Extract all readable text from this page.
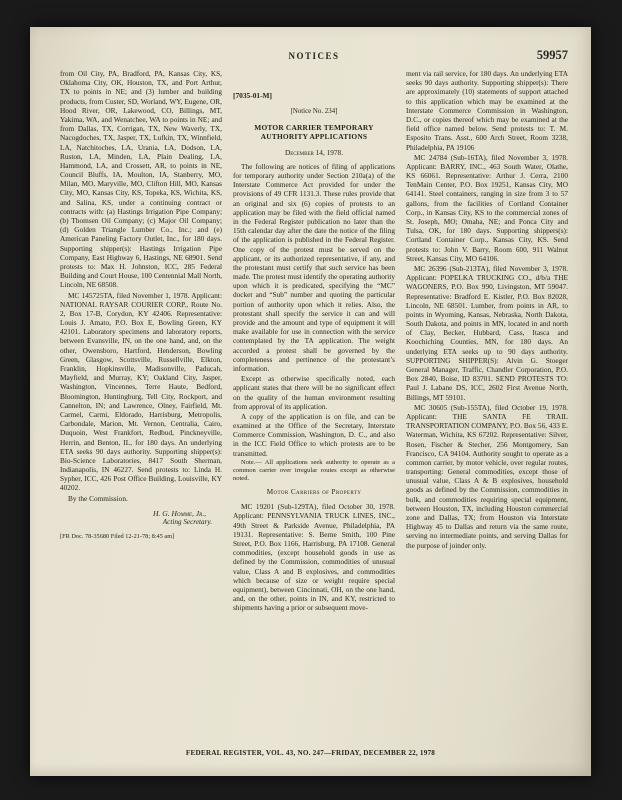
NOTICES	59957

from Oil City, PA, Bradford, PA, Kansas City, KS, Oklahoma City, OK, Houston, TX, and Port Arthur, TX to points in NE; and (3) lumber and building products, from Custer, SD, Worland, WY, Eugene, OR, Hood River, OR, Lakewood, CO, Billings, MT, Yakima, WA, and Wenatchee, WA to points in NE; and from Dallas, TX, Corrigan, TX, New Waverly, TX, Nacogdoches, TX, Jasper, TX, Lufkin, TX, Winnfield, LA, Natchitoches, LA, Urania, LA, Dodson, LA, Ruston, LA, Minden, LA, Plain Dealing, LA, Hammond, LA, and Crossett, AR, to points in NE, Council Bluffs, IA, Moulton, IA, Stanberry, MO, Milan, MO, Maryville, MO, Clifton Hill, MO, Kansas City, MO, Kansas City, KS, Topeka, KS, Wichita, KS, and Salina, KS, under a continuing contract or contracts with: (a) Hastings Irrigation Pipe Company; (b) Thomsen Oil Company; (c) Major Oil Company; (d) Golden Triangle Lumber Co., Inc.; and (e) American Paneling Factory Outlet, Inc., for 180 days. Supporting shipper(s): Hastings Irrigation Pipe Company, East Highway 6, Hastings, NE 68901. Send protests to: Max H. Johnston, ICC, 285 Federal Building and Court House, 100 Centennial Mall North, Lincoln, NE 68508.

MC 145725TA, filed November 1, 1978. Applicant: NATIONAL RAYSAR COURIER CORP., Route No. 2, Box 17-B, Corydon, KY 42406. Representative: Louis J. Amato, P.O. Box E, Bowling Green, KY 42101. Laboratory specimens and laboratory reports, between Evansville, IN, on the one hand, and, on the other, Owensboro, Hartford, Henderson, Bowling Green, Glasgow, Scottsville, Russellville, Elkton, Franklin, Hopkinsville, Madisonville, Paducah, Mayfield, and Murray, KY; Oakland City, Jasper, Washington, Vincennes, Terre Haute, Bedford, Bloomington, Huntingburg, Tell City, Rockport, and Cannelton, IN; and Lawrence, Olney, Fairfield, Mt. Carmel, Carmi, Eldorado, Harrisburg, Metropolis, Carbondale, Marion, Mt. Vernon, Centralia, Cairo, Duquoin, West Frankfort, Redbud, Pinckneyville, Herrin, and Benton, IL, for 180 days. An underlying ETA seeks 90 days authority. Supporting shipper(s): Bio-Science Laboratories, 8417 South Sherman, Indianapolis, IN 46227. Send protests to: Linda H. Sypher, ICC, 426 Post Office Building, Louisville, KY 40202.

By the Commission.

H. G. Homme, Jr.,
Acting Secretary.

[FR Doc. 78-35680 Filed 12-21-78; 8:45 am]

[7035-01-M]
[Notice No. 234]
MOTOR CARRIER TEMPORARY AUTHORITY APPLICATIONS
December 14, 1978.

The following are notices of filing of applications for temporary authority under Section 210a(a) of the Interstate Commerce Act provided for under the provisions of 49 CFR 1131.3. These rules provide that an original and six (6) copies of protests to an application may be filed with the field official named in the Federal Register publication no later than the 15th calendar day after the date the notice of the filing of the application is published in the Federal Register. One copy of the protest must be served on the applicant, or its authorized representative, if any, and the protestant must certify that such service has been made. The protest must identify the operating authority upon which it is predicated, specifying the “MC” docket and “Sub” number and quoting the particular portion of authority upon which it relies. Also, the protestant shall specify the service it can and will provide and the amount and type of equipment it will make available for use in connection with the service contemplated by the TA application. The weight accorded a protest shall be governed by the completeness and pertinence of the protestant’s information.

Except as otherwise specifically noted, each applicant states that there will be no significant effect on the quality of the human environment resulting from approval of its application.

A copy of the application is on file, and can be examined at the Office of the Secretary, Interstate Commerce Commission, Washington, D. C., and also in the ICC Field Office to which protests are to be transmitted.

Note.— All applications seek authority to operate as a common carrier over irregular routes except as otherwise noted.

Motor Carriers of Property

MC 19201 (Sub-129TA), filed October 30, 1978. Applicant: PENNSYLVANIA TRUCK LINES, INC., 49th Street & Parkside Avenue, Philadelphia, PA 19131. Representative: S. Berne Smith, 100 Pine Street, P.O. Box 1166, Harrisburg, PA 17108. General commodities, (except household goods in use as defined by the Commission, commodities of unusual value, Class A and B explosives, and commodities which because of size or weight require special equipment), between Cincinnati, OH, on the one hand, and, on the other, points in IN, and KY, restricted to shipments having a prior or subsequent move-

ment via rail service, for 180 days. An underlying ETA seeks 90 days authority. Supporting shipper(s): There are approximately (10) statements of support attached to this application which may be examined at the Interstate Commerce Commission in Washington, D.C., or copies thereof which may be examined at the field office named below. Send protests to: T. M. Esposito Trans. Asst., 600 Arch Street, Room 3238, Philadelphia, PA 19106

MC 24784 (Sub-16TA), filed November 3, 1978. Applicant: BARRY, INC., 463 South Water, Olathe, KS 66061. Representative: Arthur J. Cerra, 2100 TenMain Center, P.O. Box 19251, Kansas City, MO 64141. Steel containers, ranging in size from 3 to 57 gallons, from the facilities of Cortland Container Corp., in Kansas City, KS to the commercial zones of St. Joseph, MO; Omaha, NE; and Ponca City and Tulsa, OK, for 180 days. Supporting shippers(s): Cortland Container Corp., Kansas City, KS. Send protests to: John V. Barry, Room 600, 911 Walnut Street, Kansas City, MO 64106.

MC 26396 (Sub-213TA), filed November 3, 1978. Applicant: POPELKA TRUCKING CO., d/b/a THE WAGONERS, P.O. Box 990, Livingston, MT 59047. Representative: Bradford E. Kistler, P.O. Box 82028, Lincoln, NE 68501. Lumber, from points in AR, to points in Wyoming, Kansas, Nebraska, North Dakota, South Dakota, and points in MN, located in and north of Clay, Becker, Hubbard, Cass, Itasca and Koochiching Counties, MN, for 180 days. An underlying ETA seeks up to 90 days authority. SUPPORTING SHIPPER(S): Alvin G. Stoeger General Manager, Traffic, Chandler Corporation, P.O. Box 2840, Boise, ID 83701. SEND PROTESTS TO: Paul J. Labane DS, ICC, 2602 First Avenue North, Billings, MT 59101.

MC 30605 (Sub-155TA), filed October 19, 1978. Applicant: THE SANTA FE TRAIL TRANSPORTATION COMPANY, P.O. Box 56, 433 E. Waterman, Wichita, KS 67202. Representative: Silver, Rosen, Fischer & Stecher, 256 Montgomery, San Francisco, CA 94104. Authority sought to operate as a common carrier, by motor vehicle, over regular routes, transporting: General commodities, except those of unusual value, Class A & B explosives, household goods as defined by the Commission, commodities in bulk, and commodities requiring special equipment, between Houston, TX, including Houston commercial zone and Dallas, TX; from Houston via Interstate Highway 45 to Dallas and return via the same route, serving no intermediate points, and serving Dallas for the purpose of joinder only.

FEDERAL REGISTER, VOL. 43, NO. 247—FRIDAY, DECEMBER 22, 1978
